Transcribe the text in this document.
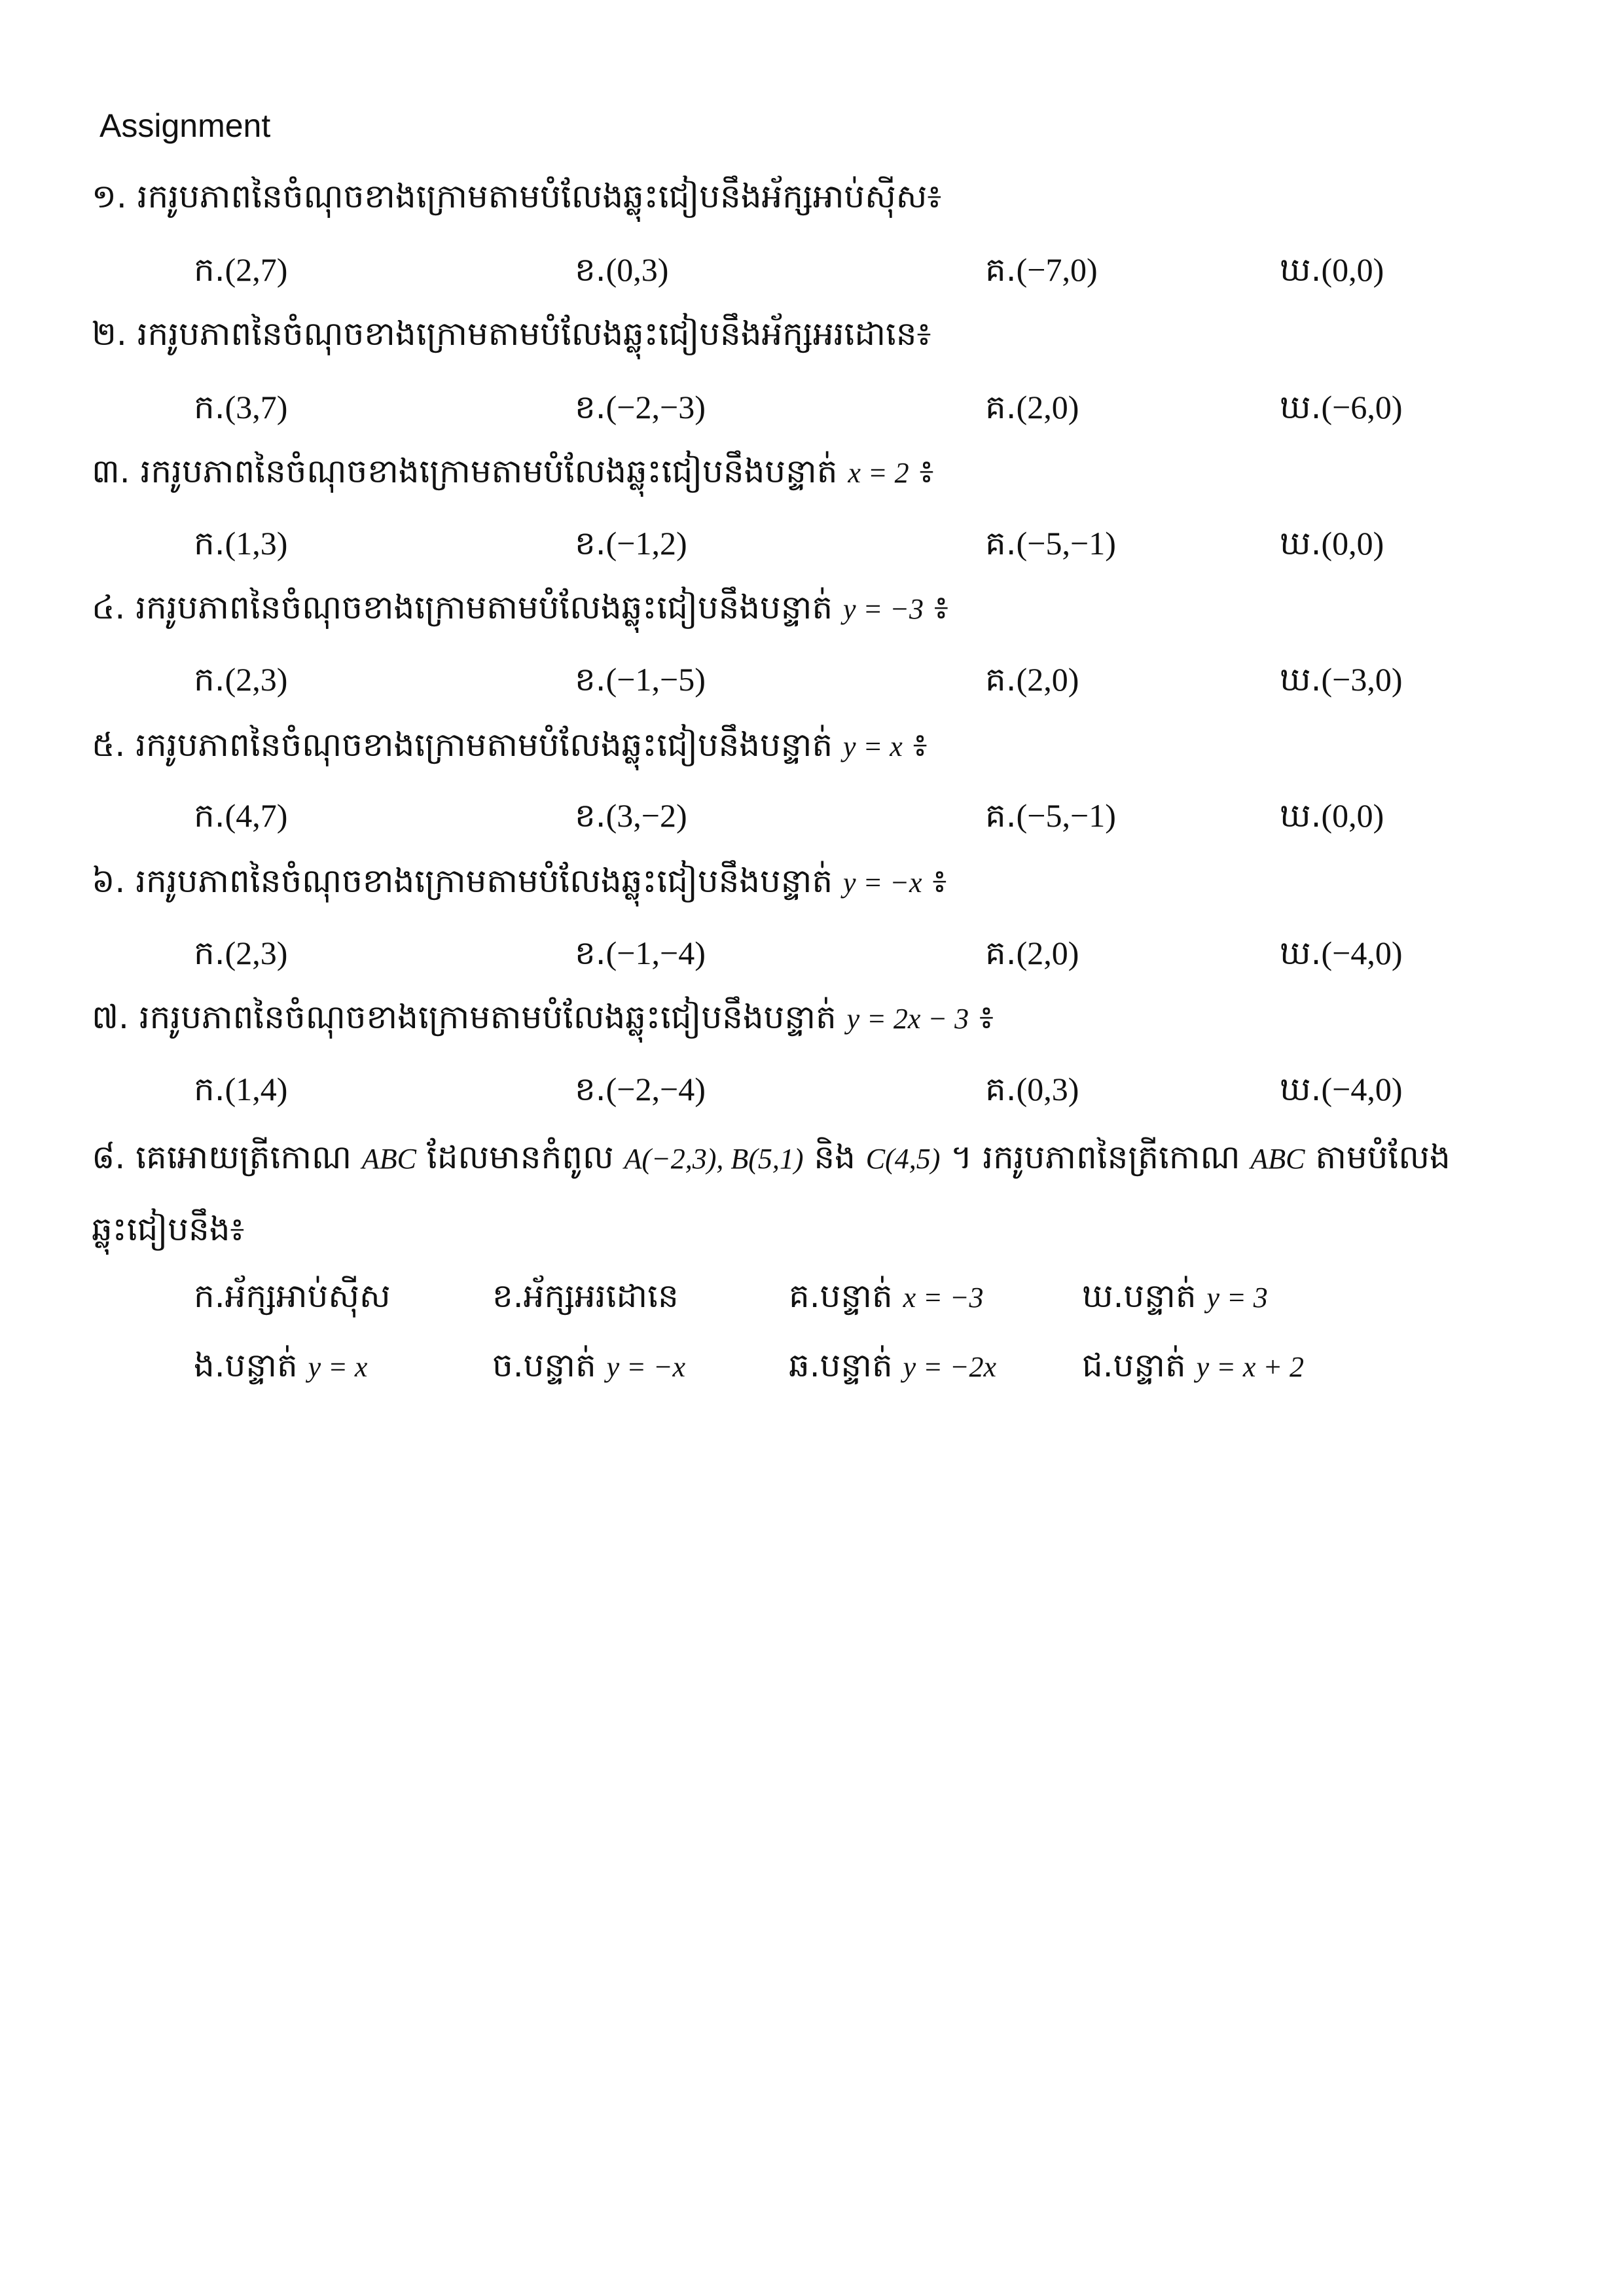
Assignment
១. រករូបភាពនៃចំណុចខាងក្រោមតាមបំលែងឆ្លុះជៀបនឹងអ័ក្សអាប់ស៊ីស៖
ក.(2,7)	ខ.(0,3)	គ.(−7,0)	ឃ.(0,0)
២. រករូបភាពនៃចំណុចខាងក្រោមតាមបំលែងឆ្លុះជៀបនឹងអ័ក្សអរដោនេ៖
ក.(3,7)	ខ.(−2,−3)	គ.(2,0)	ឃ.(−6,0)
៣. រករូបភាពនៃចំណុចខាងក្រោមតាមបំលែងឆ្លុះជៀបនឹងបន្ទាត់ x = 2 ៖
ក.(1,3)	ខ.(−1,2)	គ.(−5,−1)	ឃ.(0,0)
៤. រករូបភាពនៃចំណុចខាងក្រោមតាមបំលែងឆ្លុះជៀបនឹងបន្ទាត់ y = −3 ៖
ក.(2,3)	ខ.(−1,−5)	គ.(2,0)	ឃ.(−3,0)
៥. រករូបភាពនៃចំណុចខាងក្រោមតាមបំលែងឆ្លុះជៀបនឹងបន្ទាត់ y = x ៖
ក.(4,7)	ខ.(3,−2)	គ.(−5,−1)	ឃ.(0,0)
៦. រករូបភាពនៃចំណុចខាងក្រោមតាមបំលែងឆ្លុះជៀបនឹងបន្ទាត់ y = −x ៖
ក.(2,3)	ខ.(−1,−4)	គ.(2,0)	ឃ.(−4,0)
៧. រករូបភាពនៃចំណុចខាងក្រោមតាមបំលែងឆ្លុះជៀបនឹងបន្ទាត់ y = 2x − 3 ៖
ក.(1,4)	ខ.(−2,−4)	គ.(0,3)	ឃ.(−4,0)
៨. គេអោយត្រីកោណ ABC ដែលមានកំពូល A(−2,3), B(5,1) និង C(4,5) ។ រករូបភាពនៃត្រីកោណ ABC តាមបំលែង
ឆ្លុះជៀបនឹង៖
ក.អ័ក្សអាប់ស៊ីស	ខ.អ័ក្សអរដោនេ	គ.បន្ទាត់ x = −3	ឃ.បន្ទាត់ y = 3
ង.បន្ទាត់ y = x	ច.បន្ទាត់ y = −x	ឆ.បន្ទាត់ y = −2x	ជ.បន្ទាត់ y = x + 2
